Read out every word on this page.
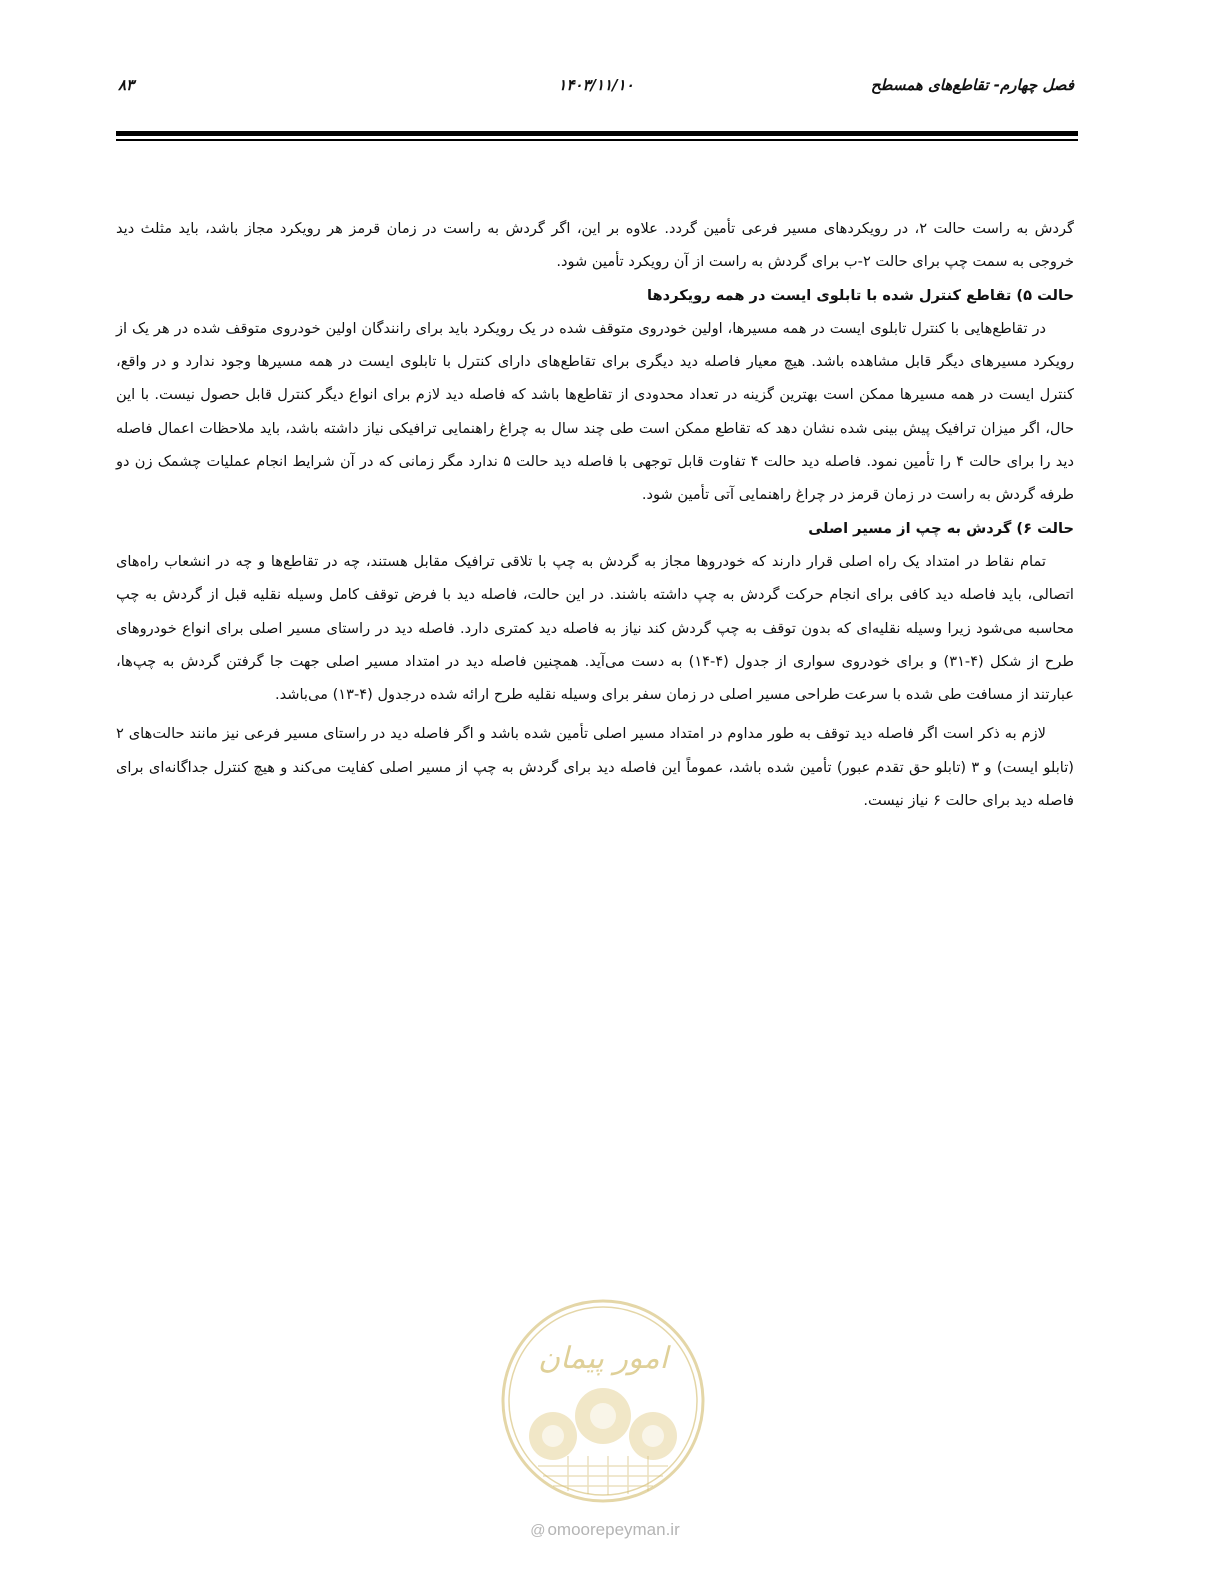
فصل چهارم- تقاطع‌های همسطح
۱۴۰۳/۱۱/۱۰
۸۳

گردش به راست حالت ۲، در رویکردهای مسیر فرعی تأمین گردد. علاوه بر این، اگر گردش به راست در زمان قرمز هر رویکرد مجاز باشد، باید مثلث دید خروجی به سمت چپ برای حالت ۲-ب برای گردش به راست از آن رویکرد تأمین شود.

حالت ۵) تقاطع کنترل شده با تابلوی ایست در همه رویکردها

در تقاطع‌هایی با کنترل تابلوی ایست در همه مسیرها، اولین خودروی متوقف شده در یک رویکرد باید برای رانندگان اولین خودروی متوقف شده در هر یک از رویکرد مسیرهای دیگر قابل مشاهده باشد. هیچ معیار فاصله دید دیگری برای تقاطع‌های دارای کنترل با تابلوی ایست در همه مسیرها وجود ندارد و در واقع، کنترل ایست در همه مسیرها ممکن است بهترین گزینه در تعداد محدودی از تقاطع‌ها باشد که فاصله دید لازم برای انواع دیگر کنترل قابل حصول نیست. با این حال، اگر میزان ترافیک پیش بینی شده نشان دهد که تقاطع ممکن است طی چند سال به چراغ راهنمایی ترافیکی نیاز داشته باشد، باید ملاحظات اعمال فاصله دید را برای حالت ۴ را تأمین نمود. فاصله دید حالت ۴ تفاوت قابل توجهی با فاصله دید حالت ۵ ندارد مگر زمانی که در آن شرایط انجام عملیات چشمک زن دو طرفه گردش به راست در زمان قرمز در چراغ راهنمایی آتی تأمین شود.

حالت ۶) گردش به چپ از مسیر اصلی

تمام نقاط در امتداد یک راه اصلی قرار دارند که خودروها مجاز به گردش به چپ با تلاقی ترافیک مقابل هستند، چه در تقاطع‌ها و چه در انشعاب راه‌های اتصالی، باید فاصله دید کافی برای انجام حرکت گردش به چپ داشته باشند. در این حالت، فاصله دید با فرض توقف کامل وسیله نقلیه قبل از گردش به چپ محاسبه می‌شود زیرا وسیله نقلیه‌ای که بدون توقف به چپ گردش کند نیاز به فاصله دید کمتری دارد. فاصله دید در راستای مسیر اصلی برای انواع خودروهای طرح از شکل (۴-۳۱) و برای خودروی سواری از جدول (۴-۱۴) به دست می‌آید. همچنین فاصله دید در امتداد مسیر اصلی جهت جا گرفتن گردش به چپ‌ها، عبارتند از مسافت طی شده با سرعت طراحی مسیر اصلی در زمان سفر برای وسیله نقلیه طرح ارائه شده درجدول (۴-۱۳) می‌باشد.

لازم به ذکر است اگر فاصله دید توقف به طور مداوم در امتداد مسیر اصلی تأمین شده باشد و اگر فاصله دید در راستای مسیر فرعی نیز مانند حالت‌های ۲ (تابلو ایست) و ۳ (تابلو حق تقدم عبور) تأمین شده باشد، عموماً این فاصله دید برای گردش به چپ از مسیر اصلی کفایت می‌کند و هیچ کنترل جداگانه‌ای برای فاصله دید برای حالت ۶ نیاز نیست.

امور پیمان
@ omoorepeyman.ir
